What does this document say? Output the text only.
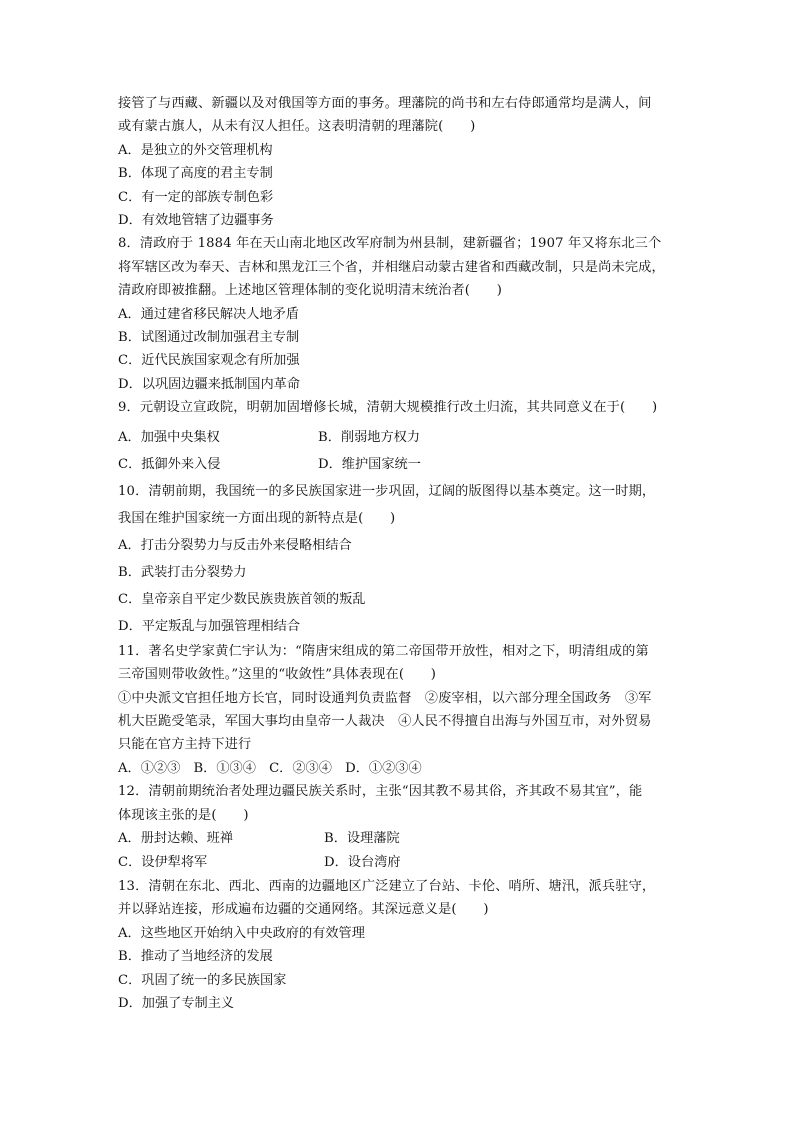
接管了与西藏、新疆以及对俄国等方面的事务。理藩院的尚书和左右侍郎通常均是满人，间
或有蒙古旗人，从未有汉人担任。这表明清朝的理藩院(　　)
A．是独立的外交管理机构
B．体现了高度的君主专制
C．有一定的部族专制色彩
D．有效地管辖了边疆事务
8．清政府于 1884 年在天山南北地区改军府制为州县制，建新疆省；1907 年又将东北三个
将军辖区改为奉天、吉林和黑龙江三个省，并相继启动蒙古建省和西藏改制，只是尚未完成，
清政府即被推翻。上述地区管理体制的变化说明清末统治者(　　)
A．通过建省移民解决人地矛盾
B．试图通过改制加强君主专制
C．近代民族国家观念有所加强
D．以巩固边疆来抵制国内革命
9．元朝设立宣政院，明朝加固增修长城，清朝大规模推行改土归流，其共同意义在于(　　)
A．加强中央集权	B．削弱地方权力
C．抵御外来入侵	D．维护国家统一
10．清朝前期，我国统一的多民族国家进一步巩固，辽阔的版图得以基本奠定。这一时期，
我国在维护国家统一方面出现的新特点是(　　)
A．打击分裂势力与反击外来侵略相结合
B．武装打击分裂势力
C．皇帝亲自平定少数民族贵族首领的叛乱
D．平定叛乱与加强管理相结合
11．著名史学家黄仁宇认为：“隋唐宋组成的第二帝国带开放性，相对之下，明清组成的第
三帝国则带收敛性。”这里的“收敛性”具体表现在(　　)
①中央派文官担任地方长官，同时设通判负责监督　②废宰相，以六部分理全国政务　③军
机大臣跪受笔录，军国大事均由皇帝一人裁决　④人民不得擅自出海与外国互市，对外贸易
只能在官方主持下进行
A．①②③　B．①③④　C．②③④　D．①②③④
12．清朝前期统治者处理边疆民族关系时，主张“因其教不易其俗，齐其政不易其宜”，能
体现该主张的是(　　)
A．册封达赖、班禅	B．设理藩院
C．设伊犁将军	D．设台湾府
13．清朝在东北、西北、西南的边疆地区广泛建立了台站、卡伦、哨所、塘汛，派兵驻守，
并以驿站连接，形成遍布边疆的交通网络。其深远意义是(　　)
A．这些地区开始纳入中央政府的有效管理
B．推动了当地经济的发展
C．巩固了统一的多民族国家
D．加强了专制主义
